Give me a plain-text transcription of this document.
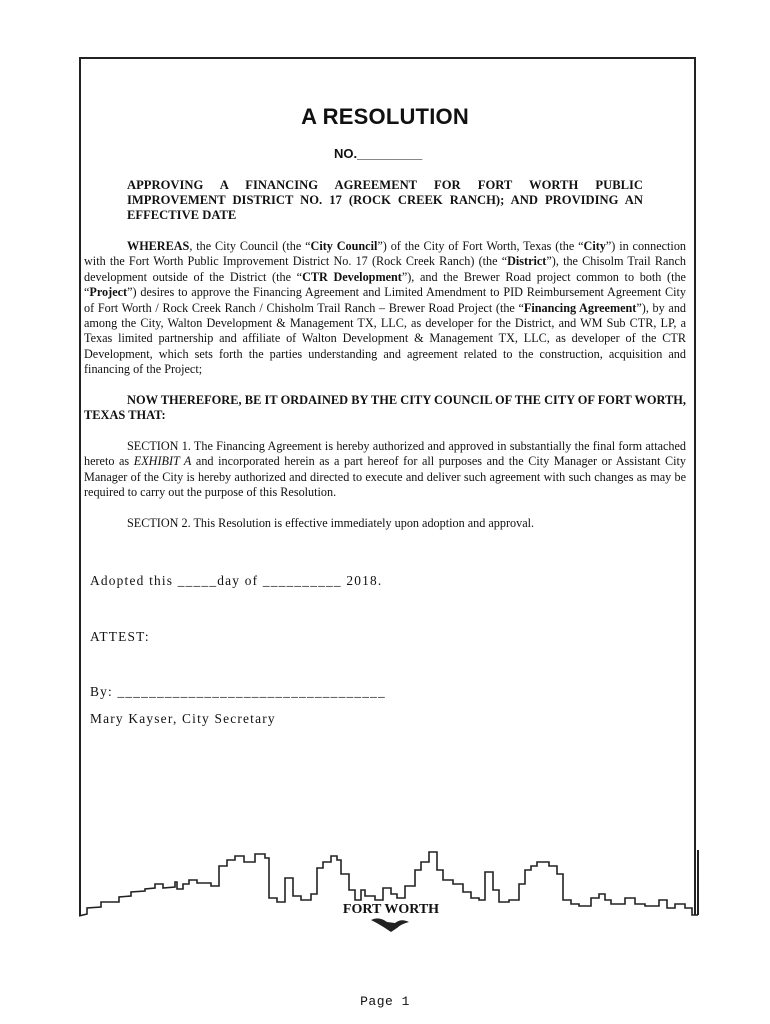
A RESOLUTION
NO._________
APPROVING A FINANCING AGREEMENT FOR FORT WORTH PUBLIC IMPROVEMENT DISTRICT NO. 17 (ROCK CREEK RANCH); AND PROVIDING AN EFFECTIVE DATE
WHEREAS, the City Council (the “City Council”) of the City of Fort Worth, Texas (the “City”) in connection with the Fort Worth Public Improvement District No. 17 (Rock Creek Ranch) (the “District”), the Chisolm Trail Ranch development outside of the District (the “CTR Development”), and the Brewer Road project common to both (the “Project”) desires to approve the Financing Agreement and Limited Amendment to PID Reimbursement Agreement City of Fort Worth / Rock Creek Ranch / Chisholm Trail Ranch – Brewer Road Project (the “Financing Agreement”), by and among the City, Walton Development & Management TX, LLC, as developer for the District, and WM Sub CTR, LP, a Texas limited partnership and affiliate of Walton Development & Management TX, LLC, as developer of the CTR Development, which sets forth the parties understanding and agreement related to the construction, acquisition and financing of the Project;
NOW THEREFORE, BE IT ORDAINED BY THE CITY COUNCIL OF THE CITY OF FORT WORTH, TEXAS THAT:
SECTION 1. The Financing Agreement is hereby authorized and approved in substantially the final form attached hereto as EXHIBIT A and incorporated herein as a part hereof for all purposes and the City Manager or Assistant City Manager of the City is hereby authorized and directed to execute and deliver such agreement with such changes as may be required to carry out the purpose of this Resolution.
SECTION 2. This Resolution is effective immediately upon adoption and approval.
Adopted this _____day of __________ 2018.
ATTEST:
By: __________________________________
Mary Kayser, City Secretary
FORT WORTH
Page 1
